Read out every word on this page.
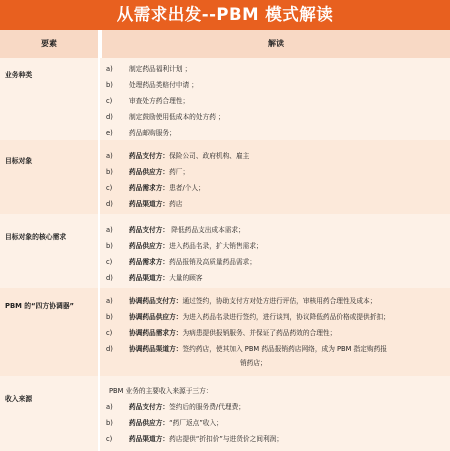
从需求出发--PBM 模式解读
要素	解读
业务种类
a) 制定药品福利计划 ；
b) 处理药品类赔付申请 ；
c) 审查处方药合理性；
d) 制定鼓励使用低成本的处方药 ；
e) 药品邮购服务；
目标对象
a) 药品支付方：保险公司、政府机构、雇主
b) 药品供应方：药厂；
c) 药品需求方：患者/个人；
d) 药品渠道方：药店
目标对象的核心需求
a) 药品支付方： 降低药品支出成本需求；
b) 药品供应方：进入药品名录，扩大销售需求；
c) 药品需求方：药品报销及高质量药品需求；
d) 药品渠道方：大量的顾客
PBM 的“四方协调器”
a) 协调药品支付方：通过签约，协助支付方对处方进行评估，审核用药合理性及成本；
b) 协调药品供应方：为进入药品名录进行签约，进行谈判，协议降低药品价格或提供折扣；
c) 协调药品需求方：为病患提供报销服务、并保证了药品药效的合理性；
d) 协调药品渠道方：签约药店，使其加入 PBM 药品报销药店网络，成为 PBM 指定购药报
销药店；
收入来源
PBM 业务的主要收入来源于三方：
a) 药品支付方：签约后的服务费/代理费；
b) 药品供应方：“药厂返点”收入；
c) 药品渠道方：药店提供“折扣价”与进货价之间利润；
